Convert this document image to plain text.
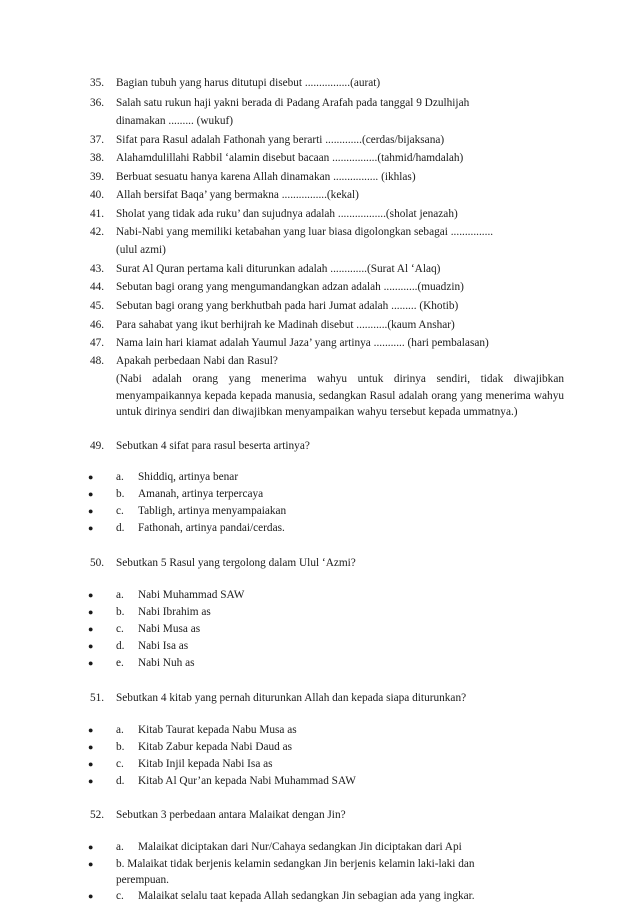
35. Bagian tubuh yang harus ditutupi disebut ................(aurat)
36. Salah satu rukun haji yakni berada di Padang Arafah pada tanggal 9 Dzulhijah
dinamakan ......... (wukuf)
37. Sifat para Rasul adalah Fathonah yang berarti .............(cerdas/bijaksana)
38. Alahamdulillahi Rabbil ‘alamin disebut bacaan ................(tahmid/hamdalah)
39. Berbuat sesuatu hanya karena Allah dinamakan ................ (ikhlas)
40. Allah bersifat Baqa’ yang bermakna ................(kekal)
41. Sholat yang tidak ada ruku’ dan sujudnya adalah .................(sholat jenazah)
42. Nabi-Nabi yang memiliki ketabahan yang luar biasa digolongkan sebagai ...............
(ulul azmi)
43. Surat Al Quran pertama kali diturunkan adalah .............(Surat Al ‘Alaq)
44. Sebutan bagi orang yang mengumandangkan adzan adalah ............(muadzin)
45. Sebutan bagi orang yang berkhutbah pada hari Jumat adalah ......... (Khotib)
46. Para sahabat yang ikut berhijrah ke Madinah disebut ...........(kaum Anshar)
47. Nama lain hari kiamat adalah Yaumul Jaza’ yang artinya ........... (hari pembalasan)
48. Apakah perbedaan Nabi dan Rasul?
(Nabi adalah orang yang menerima wahyu untuk dirinya sendiri, tidak diwajibkan menyampaikannya kepada kepada manusia, sedangkan Rasul adalah orang yang menerima wahyu untuk dirinya sendiri dan diwajibkan menyampaikan wahyu tersebut kepada ummatnya.)
49. Sebutkan 4 sifat para rasul beserta artinya?
● a. Shiddiq, artinya benar
● b. Amanah, artinya terpercaya
● c. Tabligh, artinya menyampaiakan
● d. Fathonah, artinya pandai/cerdas.
50. Sebutkan 5 Rasul yang tergolong dalam Ulul ‘Azmi?
● a. Nabi Muhammad SAW
● b. Nabi Ibrahim as
● c. Nabi Musa as
● d. Nabi Isa as
● e. Nabi Nuh as
51. Sebutkan 4 kitab yang pernah diturunkan Allah dan kepada siapa diturunkan?
● a. Kitab Taurat kepada Nabu Musa as
● b. Kitab Zabur kepada Nabi Daud as
● c. Kitab Injil kepada Nabi Isa as
● d. Kitab Al Qur’an kepada Nabi Muhammad SAW
52. Sebutkan 3 perbedaan antara Malaikat dengan Jin?
● a. Malaikat diciptakan dari Nur/Cahaya sedangkan Jin diciptakan dari Api
● b. Malaikat tidak berjenis kelamin sedangkan Jin berjenis kelamin laki-laki dan
perempuan.
● c. Malaikat selalu taat kepada Allah sedangkan Jin sebagian ada yang ingkar.
